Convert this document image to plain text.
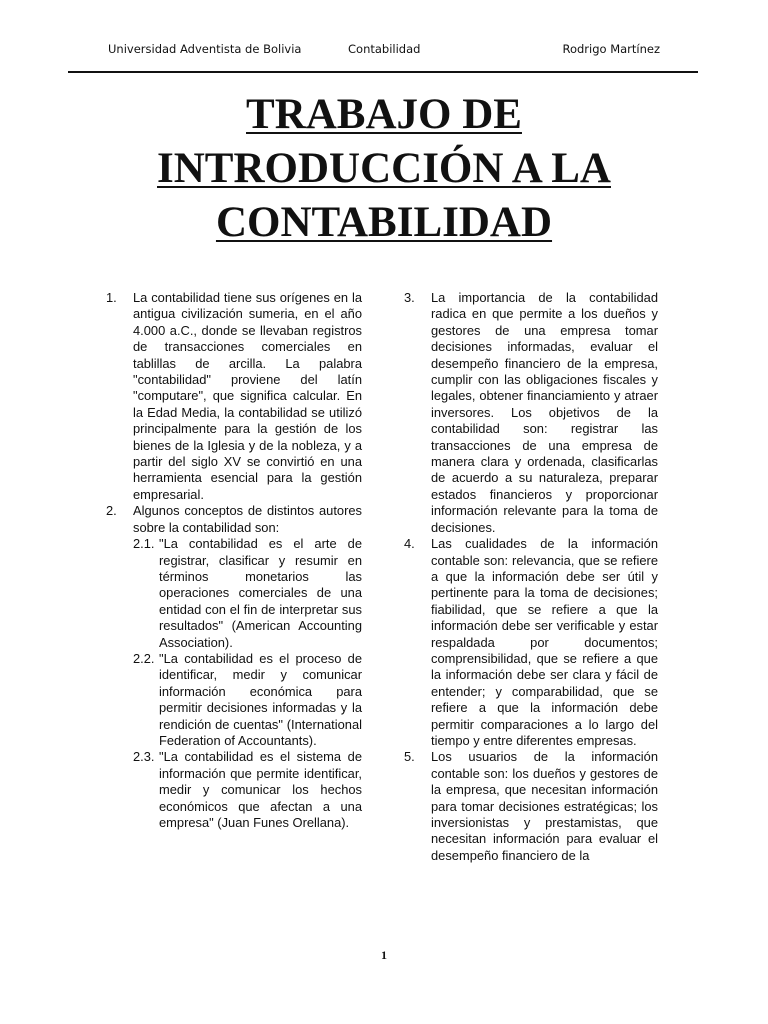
Universidad Adventista de Bolivia	Contabilidad	Rodrigo Martínez
TRABAJO DE
INTRODUCCIÓN A LA
CONTABILIDAD
1. La contabilidad tiene sus orígenes en la antigua civilización sumeria, en el año 4.000 a.C., donde se llevaban registros de transacciones comerciales en tablillas de arcilla. La palabra "contabilidad" proviene del latín "computare", que significa calcular. En la Edad Media, la contabilidad se utilizó principalmente para la gestión de los bienes de la Iglesia y de la nobleza, y a partir del siglo XV se convirtió en una herramienta esencial para la gestión empresarial.
2. Algunos conceptos de distintos autores sobre la contabilidad son:
2.1. "La contabilidad es el arte de registrar, clasificar y resumir en términos monetarios las operaciones comerciales de una entidad con el fin de interpretar sus resultados" (American Accounting Association).
2.2. "La contabilidad es el proceso de identificar, medir y comunicar información económica para permitir decisiones informadas y la rendición de cuentas" (International Federation of Accountants).
2.3. "La contabilidad es el sistema de información que permite identificar, medir y comunicar los hechos económicos que afectan a una empresa" (Juan Funes Orellana).
3. La importancia de la contabilidad radica en que permite a los dueños y gestores de una empresa tomar decisiones informadas, evaluar el desempeño financiero de la empresa, cumplir con las obligaciones fiscales y legales, obtener financiamiento y atraer inversores. Los objetivos de la contabilidad son: registrar las transacciones de una empresa de manera clara y ordenada, clasificarlas de acuerdo a su naturaleza, preparar estados financieros y proporcionar información relevante para la toma de decisiones.
4. Las cualidades de la información contable son: relevancia, que se refiere a que la información debe ser útil y pertinente para la toma de decisiones; fiabilidad, que se refiere a que la información debe ser verificable y estar respaldada por documentos; comprensibilidad, que se refiere a que la información debe ser clara y fácil de entender; y comparabilidad, que se refiere a que la información debe permitir comparaciones a lo largo del tiempo y entre diferentes empresas.
5. Los usuarios de la información contable son: los dueños y gestores de la empresa, que necesitan información para tomar decisiones estratégicas; los inversionistas y prestamistas, que necesitan información para evaluar el desempeño financiero de la
1
